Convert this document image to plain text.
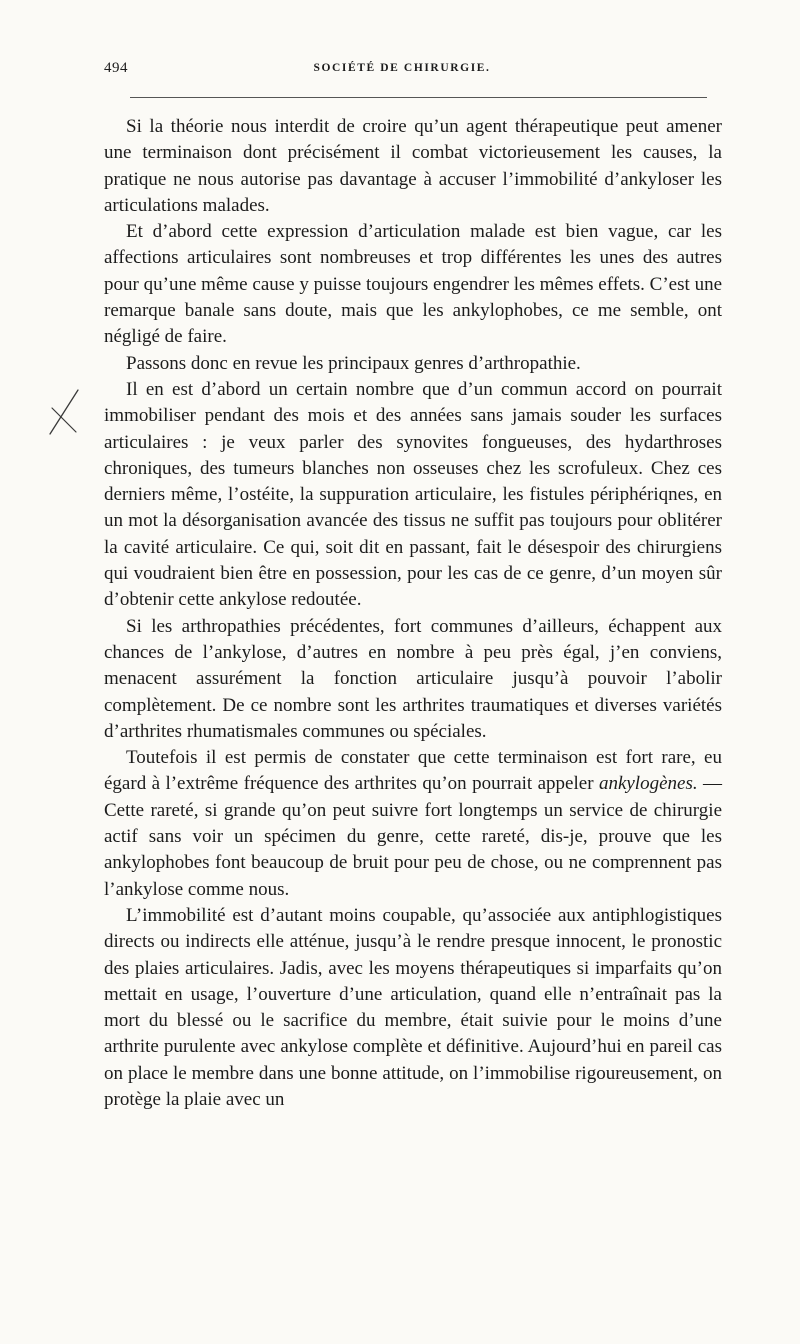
494	SOCIÉTÉ DE CHIRURGIE.

Si la théorie nous interdit de croire qu’un agent thérapeutique peut amener une terminaison dont précisément il combat victorieusement les causes, la pratique ne nous autorise pas davantage à accuser l’immobilité d’ankyloser les articulations malades.

Et d’abord cette expression d’articulation malade est bien vague, car les affections articulaires sont nombreuses et trop différentes les unes des autres pour qu’une même cause y puisse toujours engendrer les mêmes effets. C’est une remarque banale sans doute, mais que les ankylophobes, ce me semble, ont négligé de faire.

Passons donc en revue les principaux genres d’arthropathie.

Il en est d’abord un certain nombre que d’un commun accord on pourrait immobiliser pendant des mois et des années sans jamais souder les surfaces articulaires : je veux parler des synovites fongueuses, des hydarthroses chroniques, des tumeurs blanches non osseuses chez les scrofuleux. Chez ces derniers même, l’ostéite, la suppuration articulaire, les fistules périphériqnes, en un mot la désorganisation avancée des tissus ne suffit pas toujours pour oblitérer la cavité articulaire. Ce qui, soit dit en passant, fait le désespoir des chirurgiens qui voudraient bien être en possession, pour les cas de ce genre, d’un moyen sûr d’obtenir cette ankylose redoutée.

Si les arthropathies précédentes, fort communes d’ailleurs, échappent aux chances de l’ankylose, d’autres en nombre à peu près égal, j’en conviens, menacent assurément la fonction articulaire jusqu’à pouvoir l’abolir complètement. De ce nombre sont les arthrites traumatiques et diverses variétés d’arthrites rhumatismales communes ou spéciales.

Toutefois il est permis de constater que cette terminaison est fort rare, eu égard à l’extrême fréquence des arthrites qu’on pourrait appeler ankylogènes. — Cette rareté, si grande qu’on peut suivre fort longtemps un service de chirurgie actif sans voir un spécimen du genre, cette rareté, dis-je, prouve que les ankylophobes font beaucoup de bruit pour peu de chose, ou ne comprennent pas l’ankylose comme nous.

L’immobilité est d’autant moins coupable, qu’associée aux antiphlogistiques directs ou indirects elle atténue, jusqu’à le rendre presque innocent, le pronostic des plaies articulaires. Jadis, avec les moyens thérapeutiques si imparfaits qu’on mettait en usage, l’ouverture d’une articulation, quand elle n’entraînait pas la mort du blessé ou le sacrifice du membre, était suivie pour le moins d’une arthrite purulente avec ankylose complète et définitive. Aujourd’hui en pareil cas on place le membre dans une bonne attitude, on l’immobilise rigoureusement, on protège la plaie avec un
